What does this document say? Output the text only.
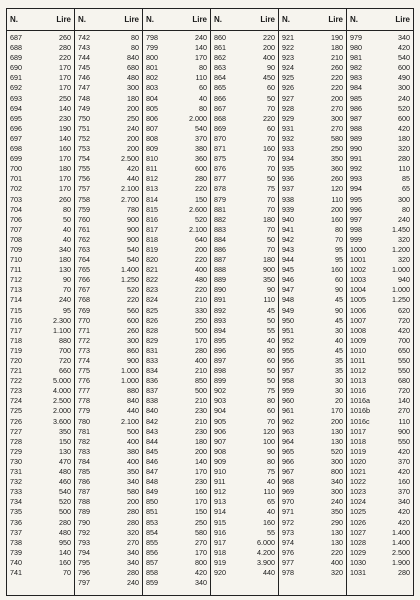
N.	Lire
687	260
688	280
689	220
690	170
691	170
692	170
693	250
694	140
695	230
696	190
697	140
698	160
699	170
700	180
701	170
702	170
703	260
704	80
706	50
707	40
708	40
709	340
710	180
711	130
712	90
713	70
714	240
715	95
716	2.300
717	1.100
718	880
719	700
720	720
721	660
722	5.000
723	4.000
724	2.500
725	2.000
726	3.600
727	350
728	150
729	130
730	470
731	480
732	460
733	540
734	520
735	500
736	280
737	480
738	950
739	140
740	160
741	70
N.	Lire
742	80
743	80
744	840
745	680
746	480
747	300
748	180
749	200
750	250
751	240
752	200
753	200
754	2.500
755	420
756	440
757	2.100
758	2.700
759	780
760	900
761	900
762	900
763	540
764	540
765	1.400
766	1.250
767	520
768	220
769	560
770	600
771	260
772	300
773	860
774	900
775	1.000
776	1.000
777	880
778	840
779	440
780	2.100
781	500
782	400
783	380
784	400
785	350
786	340
787	580
788	200
789	280
790	280
792	320
793	270
794	340
795	340
796	280
797	240
N.	Lire
798	240
799	140
800	170
801	80
802	110
803	60
804	40
805	80
806	2.000
807	540
808	370
809	380
810	360
811	600
812	280
813	220
814	150
815	2.600
816	520
817	2.100
818	640
819	200
820	220
821	400
822	480
823	220
824	210
825	330
826	250
828	500
829	170
831	280
833	400
834	210
836	850
837	500
838	210
840	230
842	210
843	230
844	180
845	200
846	140
847	170
848	230
849	160
850	170
851	150
853	250
854	580
855	270
856	170
857	800
858	420
859	340
N.	Lire
860	220
861	200
862	400
863	90
864	450
865	60
866	50
867	70
868	220
869	60
870	70
871	160
875	70
876	70
877	50
878	75
879	70
881	70
882	180
883	70
884	50
886	70
887	180
888	900
889	350
890	90
891	110
892	45
893	50
894	55
895	40
896	80
897	60
898	50
899	50
902	75
903	80
904	60
905	70
906	120
907	100
908	90
909	80
910	75
911	40
912	110
913	65
914	40
915	160
916	55
917	6.000
918	4.200
919	3.900
920	440
N.	Lire
921	190
922	180
923	210
924	260
925	220
926	220
927	200
928	270
929	300
931	270
932	580
933	250
934	350
935	360
936	260
937	120
938	110
939	200
940	160
941	80
942	70
943	95
944	95
945	160
946	60
947	90
948	45
949	90
950	45
951	30
952	40
955	45
956	35
957	35
958	30
959	30
960	20
961	170
962	200
963	130
964	130
965	520
966	300
967	800
968	340
969	300
970	240
971	350
972	290
973	130
974	130
976	220
977	400
978	320
N.	Lire
979	340
980	420
981	540
982	600
983	490
984	300
985	240
986	520
987	600
988	420
989	180
990	320
991	280
992	110
993	85
994	65
995	300
996	80
997	240
998	1.450
999	320
1000	1.200
1001	320
1002	1.000
1003	940
1004	1.000
1005	1.250
1006	620
1007	720
1008	420
1009	700
1010	650
1011	550
1012	550
1013	680
1016	720
1016a	140
1016b	270
1016c	110
1017	900
1018	550
1019	420
1020	370
1021	420
1022	160
1023	370
1024	340
1025	420
1026	420
1027	1.400
1028	1.400
1029	2.500
1030	1.900
1031	280
